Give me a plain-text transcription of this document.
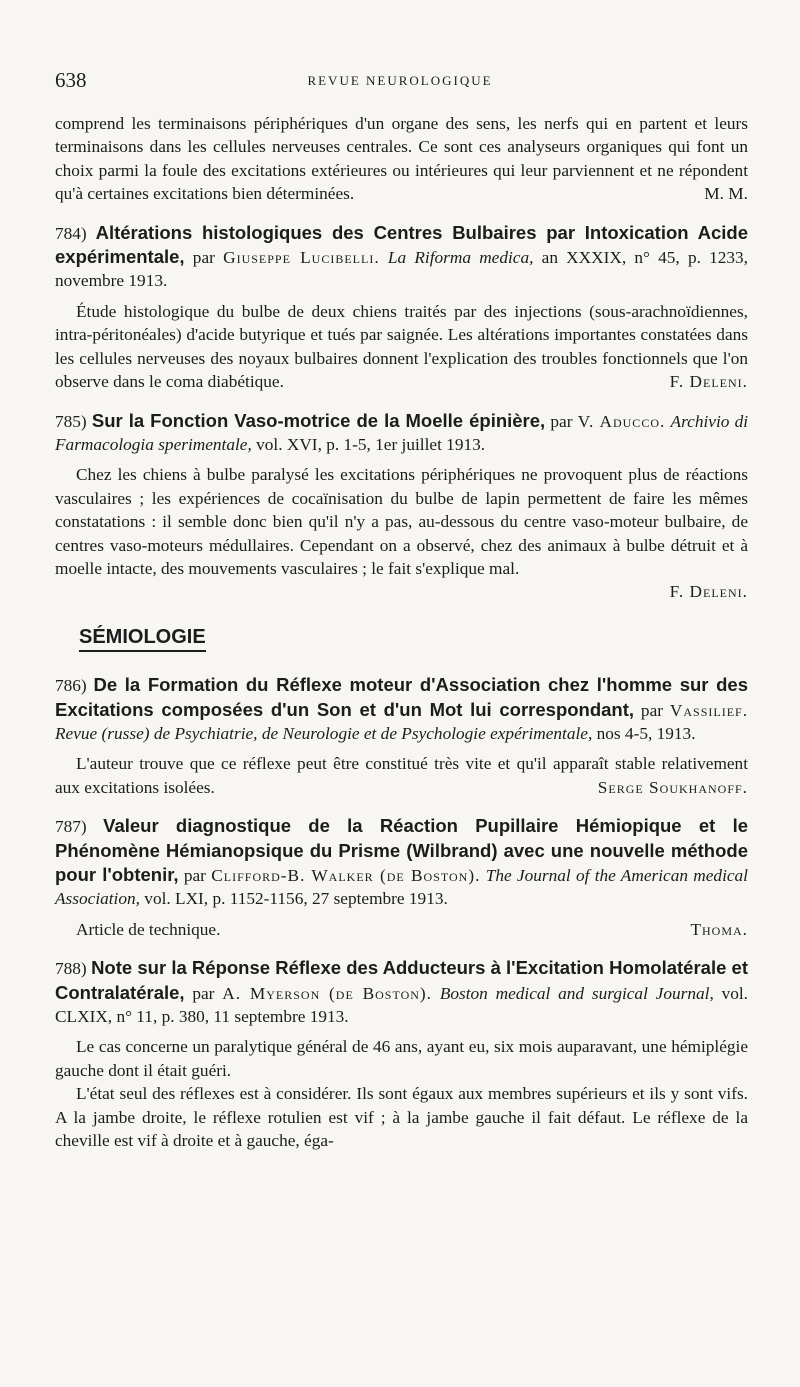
638	REVUE NEUROLOGIQUE

comprend les terminaisons périphériques d'un organe des sens, les nerfs qui en partent et leurs terminaisons dans les cellules nerveuses centrales. Ce sont ces analyseurs organiques qui font un choix parmi la foule des excitations extérieures ou intérieures qui leur parviennent et ne répondent qu'à certaines excitations bien déterminées.	M. M.

784) Altérations histologiques des Centres Bulbaires par Intoxication Acide expérimentale, par Giuseppe Lucibelli. La Riforma medica, an XXXIX, n° 45, p. 1233, novembre 1913.

Étude histologique du bulbe de deux chiens traités par des injections (sous-arachnoïdiennes, intra-péritonéales) d'acide butyrique et tués par saignée. Les altérations importantes constatées dans les cellules nerveuses des noyaux bulbaires donnent l'explication des troubles fonctionnels que l'on observe dans le coma diabétique.	F. Deleni.

785) Sur la Fonction Vaso-motrice de la Moelle épinière, par V. Aducco. Archivio di Farmacologia sperimentale, vol. XVI, p. 1-5, 1er juillet 1913.

Chez les chiens à bulbe paralysé les excitations périphériques ne provoquent plus de réactions vasculaires ; les expériences de cocaïnisation du bulbe de lapin permettent de faire les mêmes constatations : il semble donc bien qu'il n'y a pas, au-dessous du centre vaso-moteur bulbaire, de centres vaso-moteurs médullaires. Cependant on a observé, chez des animaux à bulbe détruit et à moelle intacte, des mouvements vasculaires ; le fait s'explique mal.

F. Deleni.

SÉMIOLOGIE

786) De la Formation du Réflexe moteur d'Association chez l'homme sur des Excitations composées d'un Son et d'un Mot lui correspondant, par Vassilief. Revue (russe) de Psychiatrie, de Neurologie et de Psychologie expérimentale, nos 4-5, 1913.

L'auteur trouve que ce réflexe peut être constitué très vite et qu'il apparaît stable relativement aux excitations isolées.	Serge Soukhanoff.

787) Valeur diagnostique de la Réaction Pupillaire Hémiopique et le Phénomène Hémianopsique du Prisme (Wilbrand) avec une nouvelle méthode pour l'obtenir, par Clifford-B. Walker (de Boston). The Journal of the American medical Association, vol. LXI, p. 1152-1156, 27 septembre 1913.

Article de technique.	Thoma.

788) Note sur la Réponse Réflexe des Adducteurs à l'Excitation Homolatérale et Contralatérale, par A. Myerson (de Boston). Boston medical and surgical Journal, vol. CLXIX, n° 11, p. 380, 11 septembre 1913.

Le cas concerne un paralytique général de 46 ans, ayant eu, six mois auparavant, une hémiplégie gauche dont il était guéri.

L'état seul des réflexes est à considérer. Ils sont égaux aux membres supérieurs et ils y sont vifs. A la jambe droite, le réflexe rotulien est vif ; à la jambe gauche il fait défaut. Le réflexe de la cheville est vif à droite et à gauche, éga-
